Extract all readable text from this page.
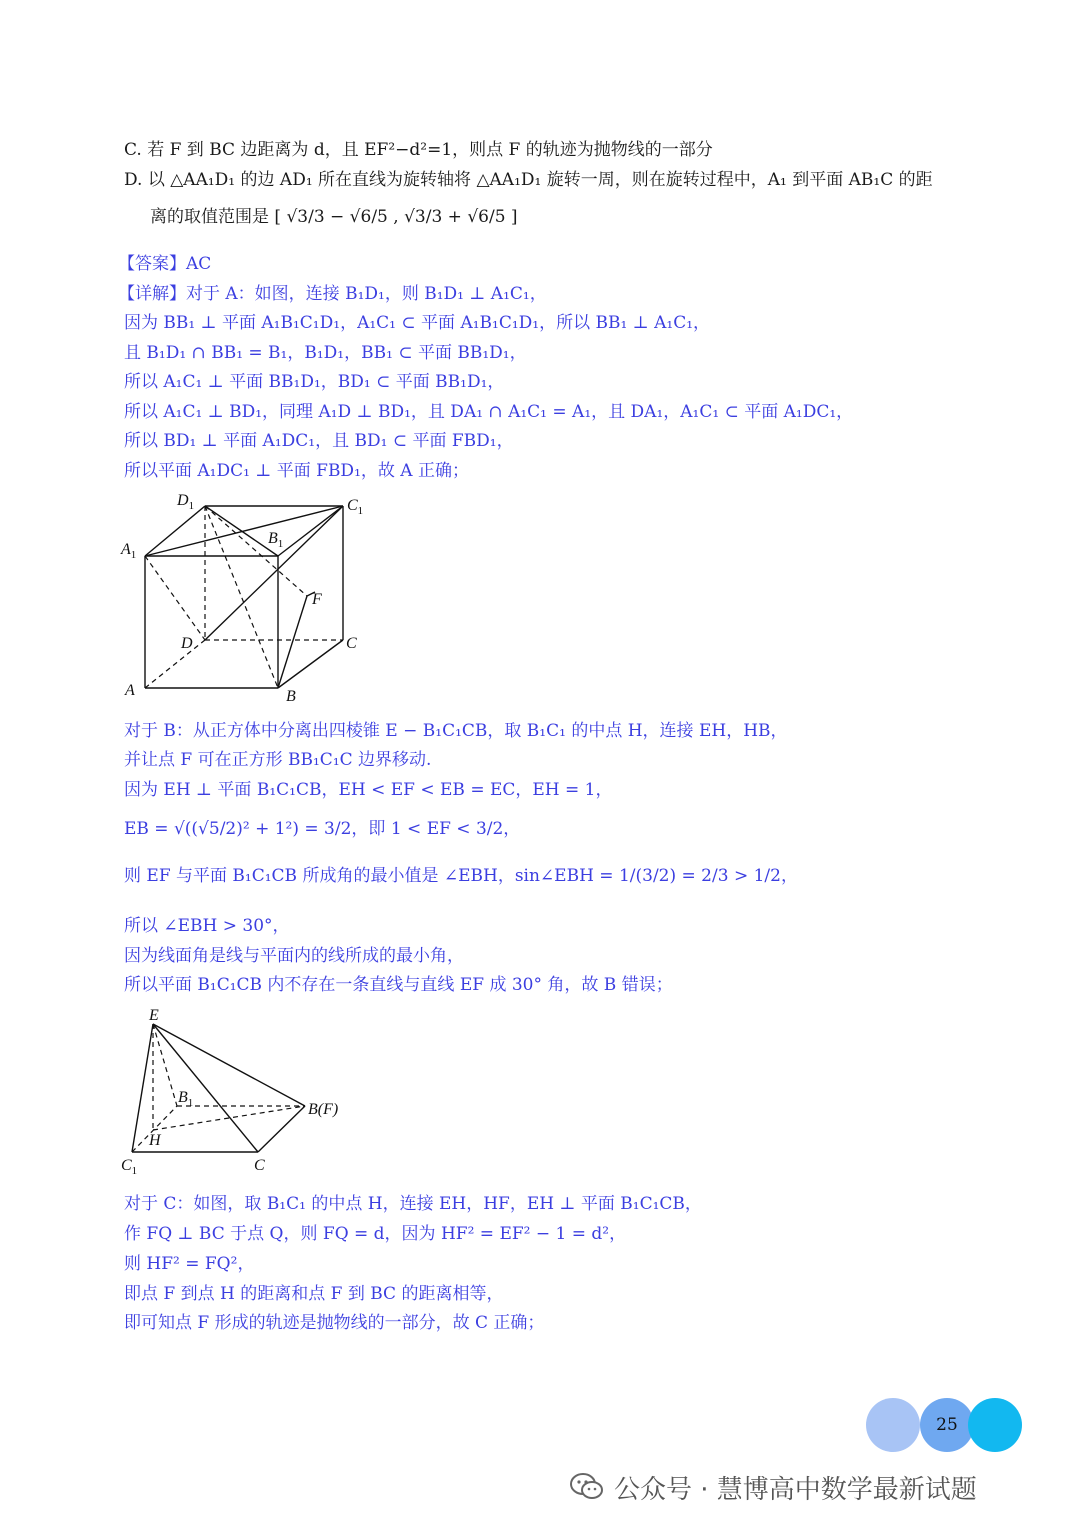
C. 若 F 到 BC 边距离为 d，且 EF²−d²=1，则点 F 的轨迹为抛物线的一部分
D. 以 △AA₁D₁ 的边 AD₁ 所在直线为旋转轴将 △AA₁D₁ 旋转一周，则在旋转过程中，A₁ 到平面 AB₁C 的距
离的取值范围是 [ √3/3 − √6/5 , √3/3 + √6/5 ]
【答案】AC
【详解】对于 A：如图，连接 B₁D₁，则 B₁D₁ ⊥ A₁C₁，
因为 BB₁ ⊥ 平面 A₁B₁C₁D₁，A₁C₁ ⊂ 平面 A₁B₁C₁D₁，所以 BB₁ ⊥ A₁C₁，
且 B₁D₁ ∩ BB₁ = B₁，B₁D₁，BB₁ ⊂ 平面 BB₁D₁，
所以 A₁C₁ ⊥ 平面 BB₁D₁，BD₁ ⊂ 平面 BB₁D₁，
所以 A₁C₁ ⊥ BD₁，同理 A₁D ⊥ BD₁，且 DA₁ ∩ A₁C₁ = A₁，且 DA₁，A₁C₁ ⊂ 平面 A₁DC₁，
所以 BD₁ ⊥ 平面 A₁DC₁，且 BD₁ ⊂ 平面 FBD₁，
所以平面 A₁DC₁ ⊥ 平面 FBD₁，故 A 正确；
$D_1$	$C_1$
$A_1$
$B_1$
F
D	C
A	B
对于 B：从正方体中分离出四棱锥 E − B₁C₁CB，取 B₁C₁ 的中点 H，连接 EH，HB，
并让点 F 可在正方形 BB₁C₁C 边界移动.
因为 EH ⊥ 平面 B₁C₁CB，EH < EF < EB = EC，EH = 1，
EB = √((√5/2)² + 1²) = 3/2，即 1 < EF < 3/2，
则 EF 与平面 B₁C₁CB 所成角的最小值是 ∠EBH，sin∠EBH = 1/(3/2) = 2/3 > 1/2，
所以 ∠EBH > 30°，
因为线面角是线与平面内的线所成的最小角，
所以平面 B₁C₁CB 内不存在一条直线与直线 EF 成 30° 角，故 B 错误；
E
$B_1$	B(F)
H
$C_1$	C
对于 C：如图，取 B₁C₁ 的中点 H，连接 EH，HF，EH ⊥ 平面 B₁C₁CB，
作 FQ ⊥ BC 于点 Q，则 FQ = d，因为 HF² = EF² − 1 = d²，
则 HF² = FQ²，
即点 F 到点 H 的距离和点 F 到 BC 的距离相等，
即可知点 F 形成的轨迹是抛物线的一部分，故 C 正确；
25
公众号 · 慧博高中数学最新试题
